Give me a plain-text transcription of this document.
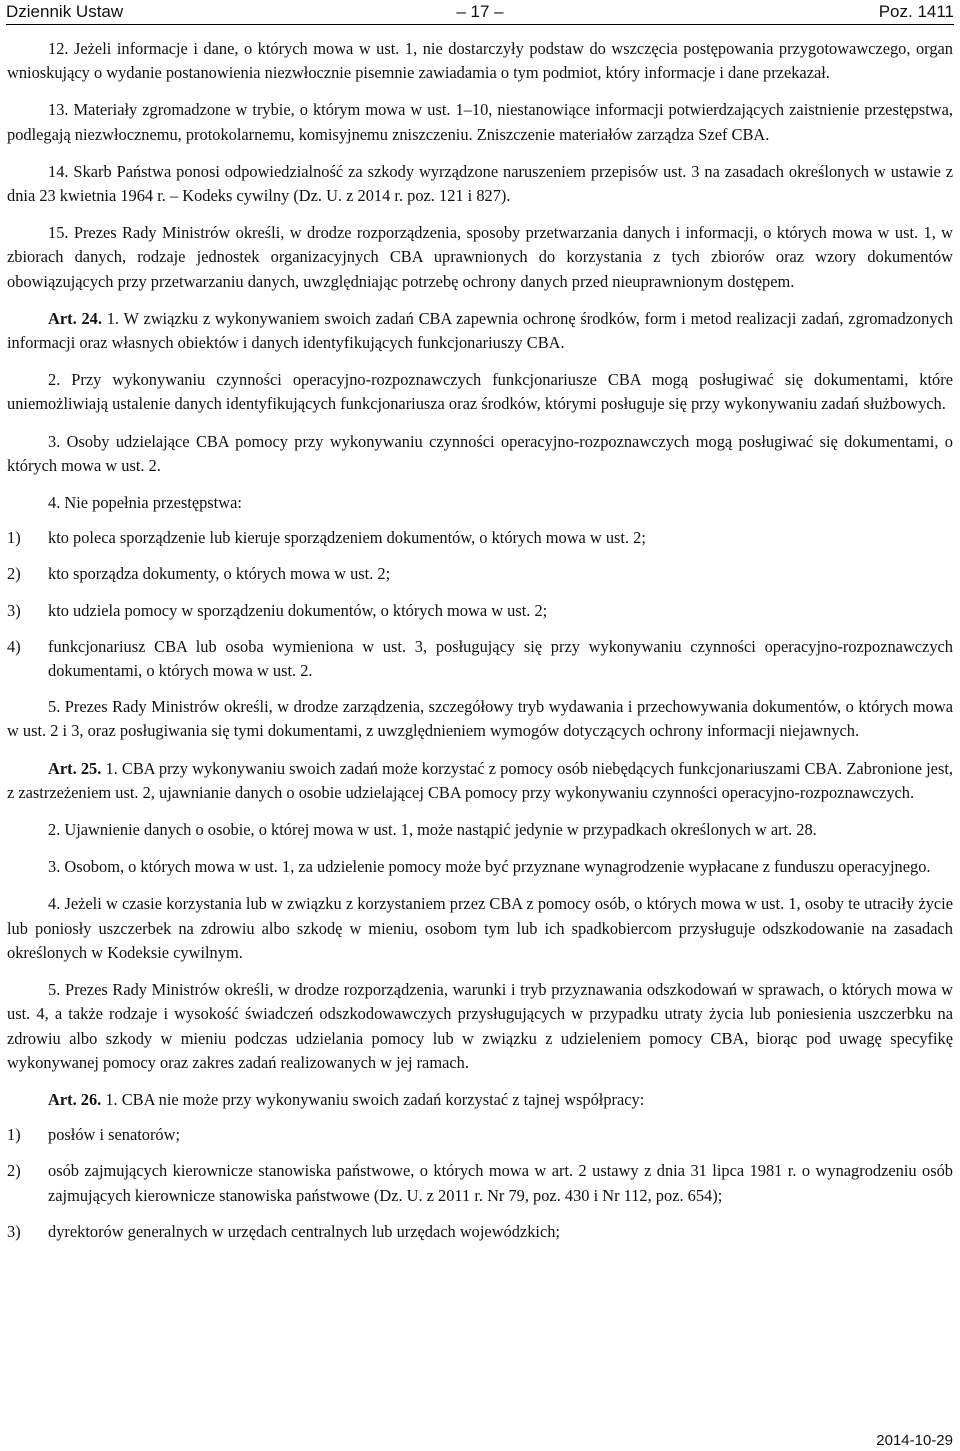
Dziennik Ustaw	– 17 –	Poz. 1411

12. Jeżeli informacje i dane, o których mowa w ust. 1, nie dostarczyły podstaw do wszczęcia postępowania przygotowawczego, organ wnioskujący o wydanie postanowienia niezwłocznie pisemnie zawiadamia o tym podmiot, który informacje i dane przekazał.

13. Materiały zgromadzone w trybie, o którym mowa w ust. 1–10, niestanowiące informacji potwierdzających zaistnienie przestępstwa, podlegają niezwłocznemu, protokolarnemu, komisyjnemu zniszczeniu. Zniszczenie materiałów zarządza Szef CBA.

14. Skarb Państwa ponosi odpowiedzialność za szkody wyrządzone naruszeniem przepisów ust. 3 na zasadach określonych w ustawie z dnia 23 kwietnia 1964 r. – Kodeks cywilny (Dz. U. z 2014 r. poz. 121 i 827).

15. Prezes Rady Ministrów określi, w drodze rozporządzenia, sposoby przetwarzania danych i informacji, o których mowa w ust. 1, w zbiorach danych, rodzaje jednostek organizacyjnych CBA uprawnionych do korzystania z tych zbiorów oraz wzory dokumentów obowiązujących przy przetwarzaniu danych, uwzględniając potrzebę ochrony danych przed nieuprawnionym dostępem.

Art. 24. 1. W związku z wykonywaniem swoich zadań CBA zapewnia ochronę środków, form i metod realizacji zadań, zgromadzonych informacji oraz własnych obiektów i danych identyfikujących funkcjonariuszy CBA.

2. Przy wykonywaniu czynności operacyjno-rozpoznawczych funkcjonariusze CBA mogą posługiwać się dokumentami, które uniemożliwiają ustalenie danych identyfikujących funkcjonariusza oraz środków, którymi posługuje się przy wykonywaniu zadań służbowych.

3. Osoby udzielające CBA pomocy przy wykonywaniu czynności operacyjno-rozpoznawczych mogą posługiwać się dokumentami, o których mowa w ust. 2.

4. Nie popełnia przestępstwa:

1) kto poleca sporządzenie lub kieruje sporządzeniem dokumentów, o których mowa w ust. 2;
2) kto sporządza dokumenty, o których mowa w ust. 2;
3) kto udziela pomocy w sporządzeniu dokumentów, o których mowa w ust. 2;
4) funkcjonariusz CBA lub osoba wymieniona w ust. 3, posługujący się przy wykonywaniu czynności operacyjno-rozpoznawczych dokumentami, o których mowa w ust. 2.

5. Prezes Rady Ministrów określi, w drodze zarządzenia, szczegółowy tryb wydawania i przechowywania dokumentów, o których mowa w ust. 2 i 3, oraz posługiwania się tymi dokumentami, z uwzględnieniem wymogów dotyczących ochrony informacji niejawnych.

Art. 25. 1. CBA przy wykonywaniu swoich zadań może korzystać z pomocy osób niebędących funkcjonariuszami CBA. Zabronione jest, z zastrzeżeniem ust. 2, ujawnianie danych o osobie udzielającej CBA pomocy przy wykonywaniu czynności operacyjno-rozpoznawczych.

2. Ujawnienie danych o osobie, o której mowa w ust. 1, może nastąpić jedynie w przypadkach określonych w art. 28.

3. Osobom, o których mowa w ust. 1, za udzielenie pomocy może być przyznane wynagrodzenie wypłacane z funduszu operacyjnego.

4. Jeżeli w czasie korzystania lub w związku z korzystaniem przez CBA z pomocy osób, o których mowa w ust. 1, osoby te utraciły życie lub poniosły uszczerbek na zdrowiu albo szkodę w mieniu, osobom tym lub ich spadkobiercom przysługuje odszkodowanie na zasadach określonych w Kodeksie cywilnym.

5. Prezes Rady Ministrów określi, w drodze rozporządzenia, warunki i tryb przyznawania odszkodowań w sprawach, o których mowa w ust. 4, a także rodzaje i wysokość świadczeń odszkodowawczych przysługujących w przypadku utraty życia lub poniesienia uszczerbku na zdrowiu albo szkody w mieniu podczas udzielania pomocy lub w związku z udzieleniem pomocy CBA, biorąc pod uwagę specyfikę wykonywanej pomocy oraz zakres zadań realizowanych w jej ramach.

Art. 26. 1. CBA nie może przy wykonywaniu swoich zadań korzystać z tajnej współpracy:

1) posłów i senatorów;
2) osób zajmujących kierownicze stanowiska państwowe, o których mowa w art. 2 ustawy z dnia 31 lipca 1981 r. o wynagrodzeniu osób zajmujących kierownicze stanowiska państwowe (Dz. U. z 2011 r. Nr 79, poz. 430 i Nr 112, poz. 654);
3) dyrektorów generalnych w urzędach centralnych lub urzędach wojewódzkich;
2014-10-29
